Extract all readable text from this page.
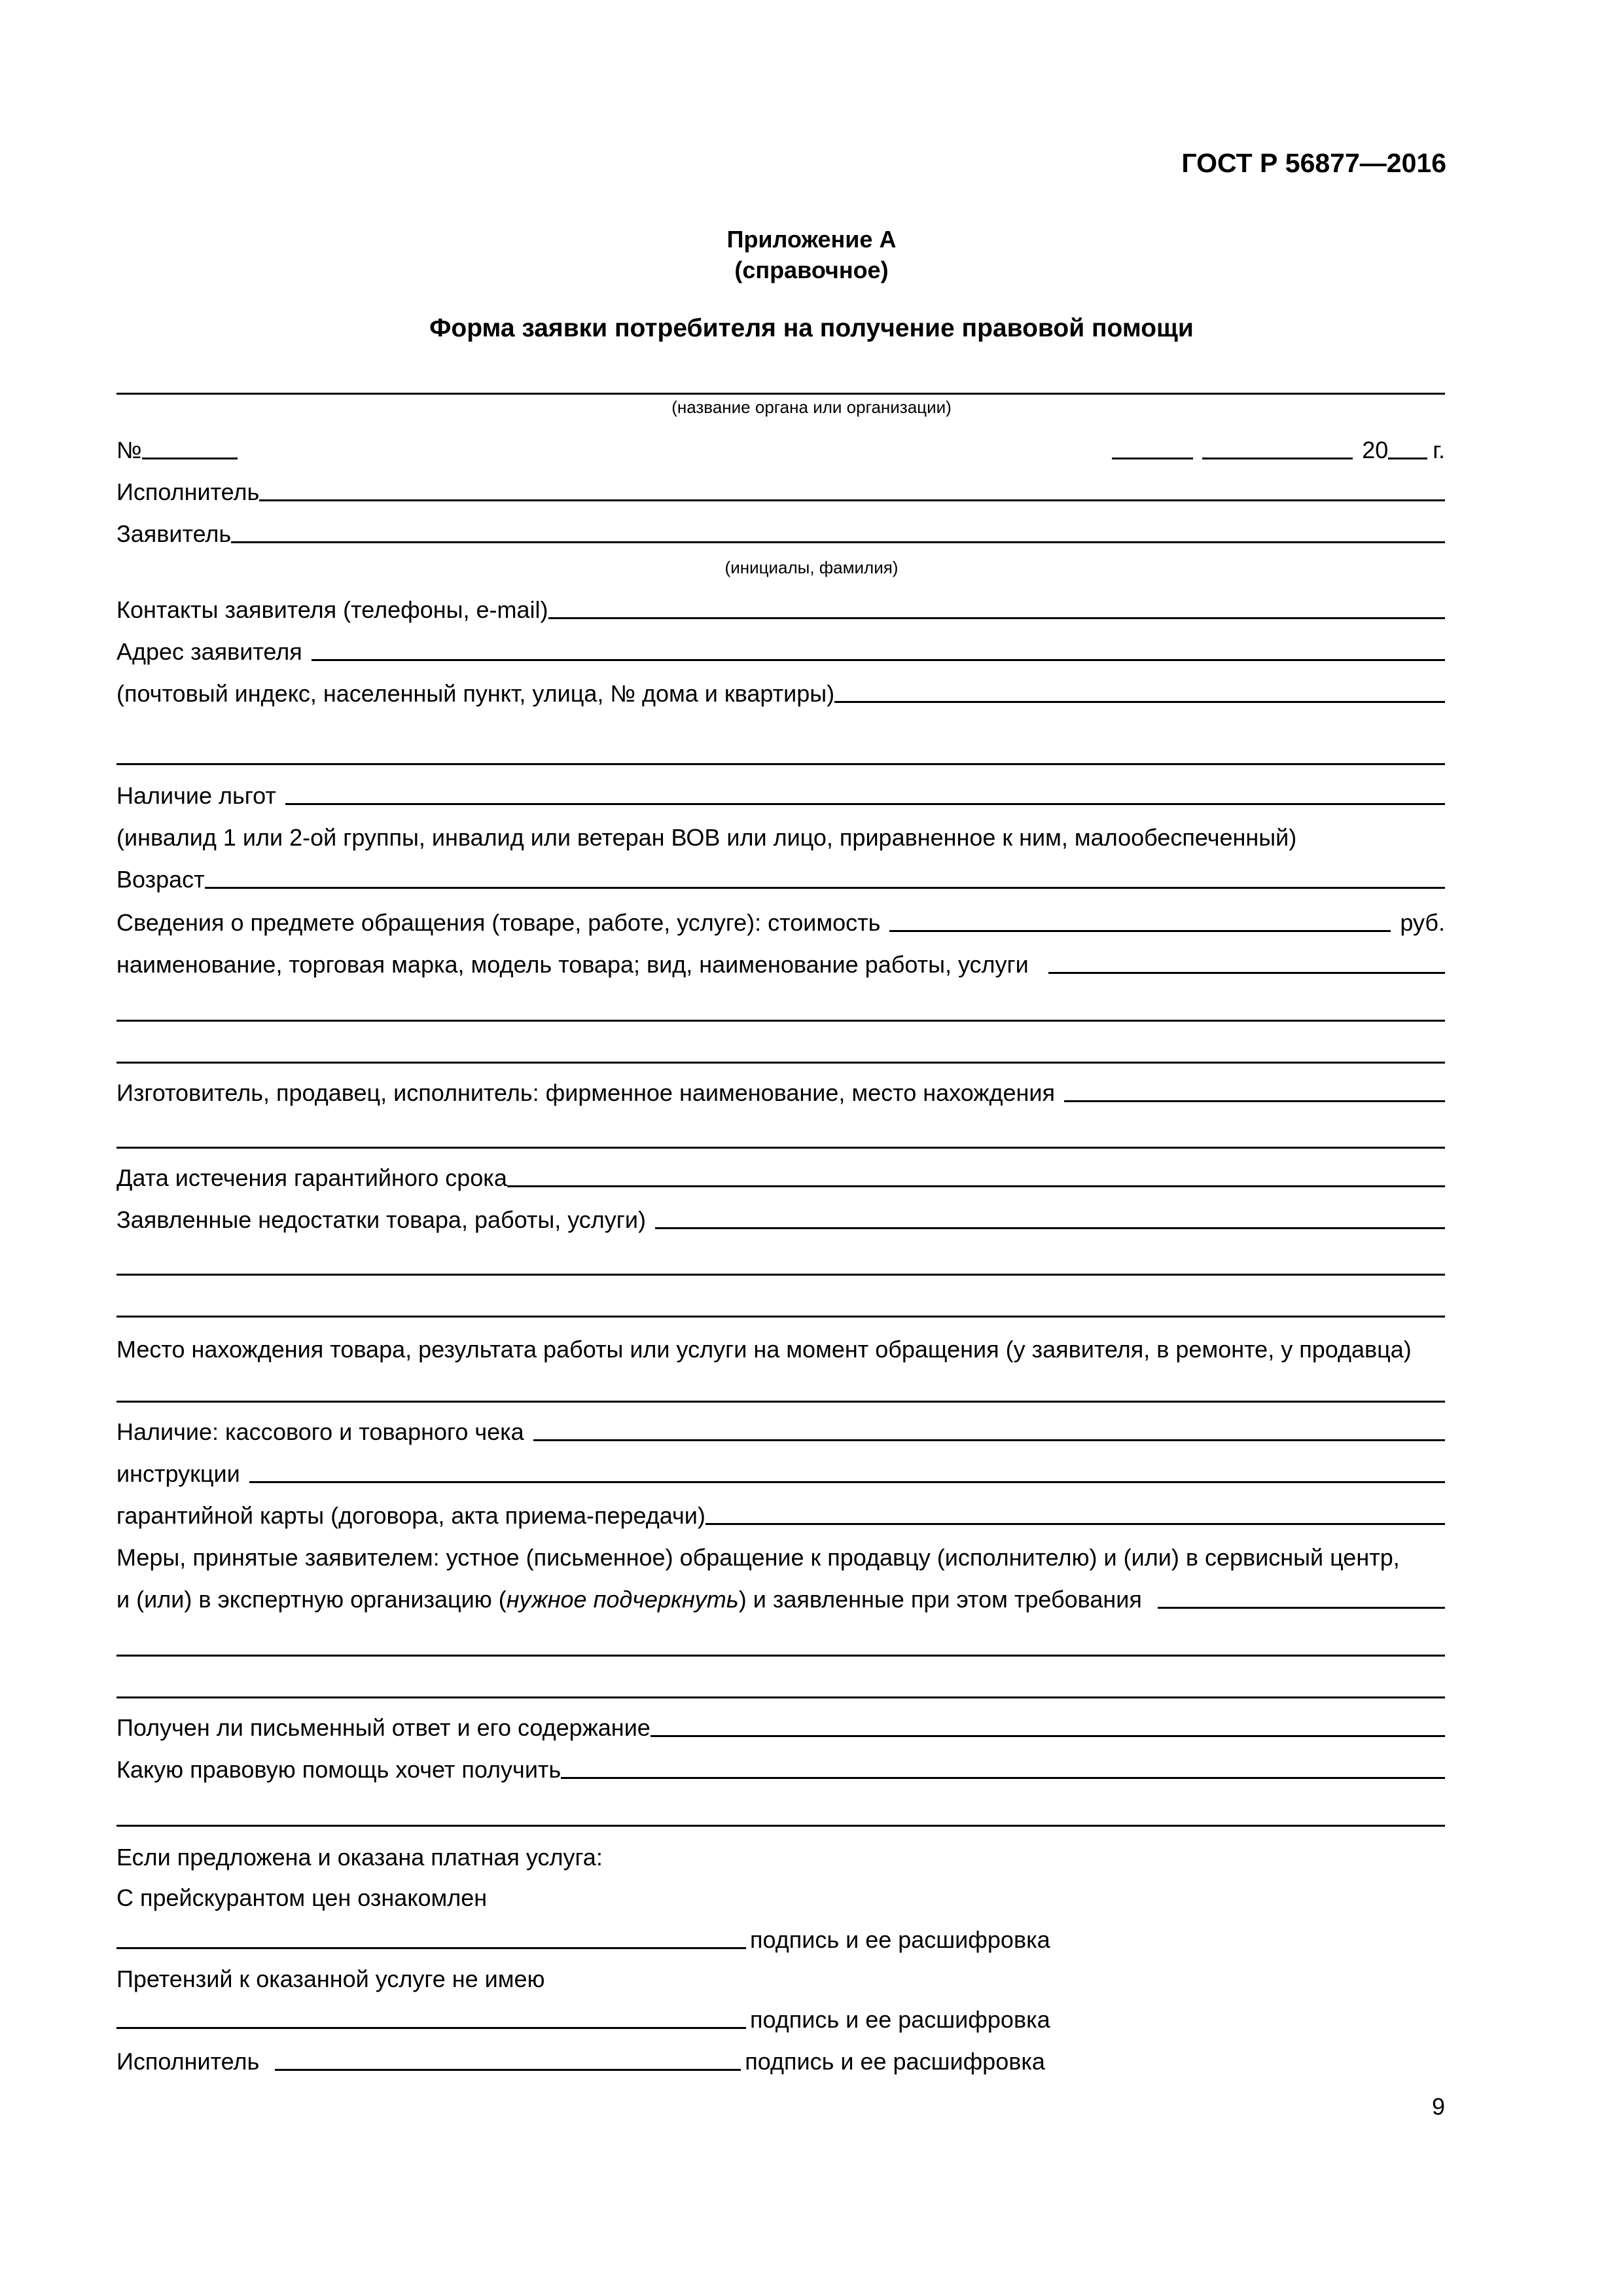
ГОСТ Р 56877—2016
Приложение А
(справочное)
Форма заявки потребителя на получение правовой помощи
(название органа или организации)
№	20 г.
Исполнитель
Заявитель
(инициалы, фамилия)
Контакты заявителя (телефоны, e-mail)
Адрес заявителя
(почтовый индекс, населенный пункт, улица, № дома и квартиры)
Наличие льгот
(инвалид 1 или 2-ой группы, инвалид или ветеран ВОВ или лицо, приравненное к ним, малообеспеченный)
Возраст
Сведения о предмете обращения (товаре, работе, услуге): стоимость	руб.
наименование, торговая марка, модель товара; вид, наименование работы, услуги
Изготовитель, продавец, исполнитель: фирменное наименование, место нахождения
Дата истечения гарантийного срока
Заявленные недостатки товара, работы, услуги)
Место нахождения товара, результата работы или услуги на момент обращения (у заявителя, в ремонте, у продавца)
Наличие: кассового и товарного чека
инструкции
гарантийной карты (договора, акта приема-передачи)
Меры, принятые заявителем: устное (письменное) обращение к продавцу (исполнителю) и (или) в сервисный центр,
и (или) в экспертную организацию (нужное подчеркнуть) и заявленные при этом требования
Получен ли письменный ответ и его содержание
Какую правовую помощь хочет получить
Если предложена и оказана платная услуга:
С прейскурантом цен ознакомлен
подпись и ее расшифровка
Претензий к оказанной услуге не имею
подпись и ее расшифровка
Исполнитель	подпись и ее расшифровка
9
